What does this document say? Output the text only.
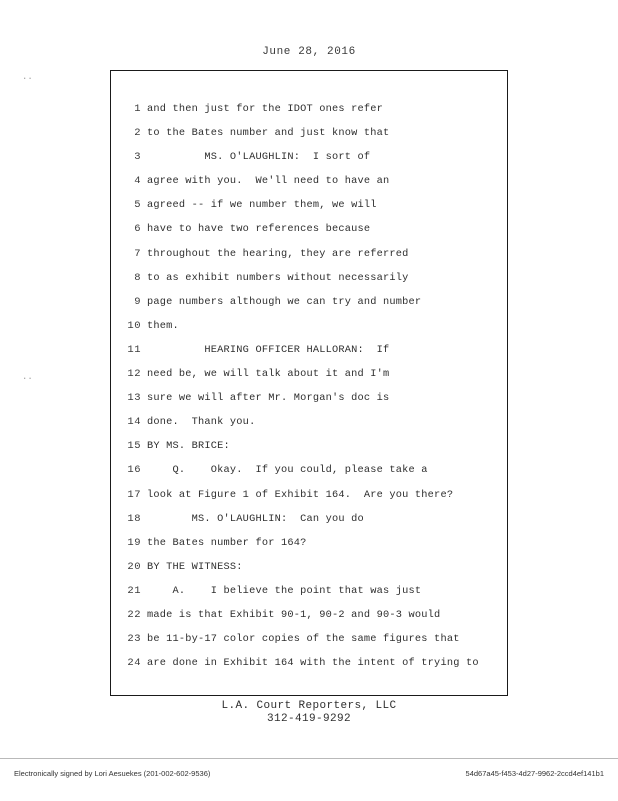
..
..
June 28, 2016

1

and then just for the IDOT ones refer

2

to the Bates number and just know that

3

MS. O'LAUGHLIN:  I sort of

4

agree with you.  We'll need to have an

5

agreed -- if we number them, we will

6

have to have two references because

7

throughout the hearing, they are referred

8

to as exhibit numbers without necessarily

9

page numbers although we can try and number

10

them.

11

HEARING OFFICER HALLORAN:  If

12

need be, we will talk about it and I'm

13

sure we will after Mr. Morgan's doc is

14

done.  Thank you.

15

BY MS. BRICE:

16

Q.    Okay.  If you could, please take a

17

look at Figure 1 of Exhibit 164.  Are you there?

18

MS. O'LAUGHLIN:  Can you do

19

the Bates number for 164?

20

BY THE WITNESS:

21

A.    I believe the point that was just

22

made is that Exhibit 90-1, 90-2 and 90-3 would

23

be 11-by-17 color copies of the same figures that

24

are done in Exhibit 164 with the intent of trying to

L.A. Court Reporters, LLC
312-419-9292
Electronically signed by Lori Aesuekes (201-002-602-9536)	54d67a45-f453-4d27-9962-2ccd4ef141b1
